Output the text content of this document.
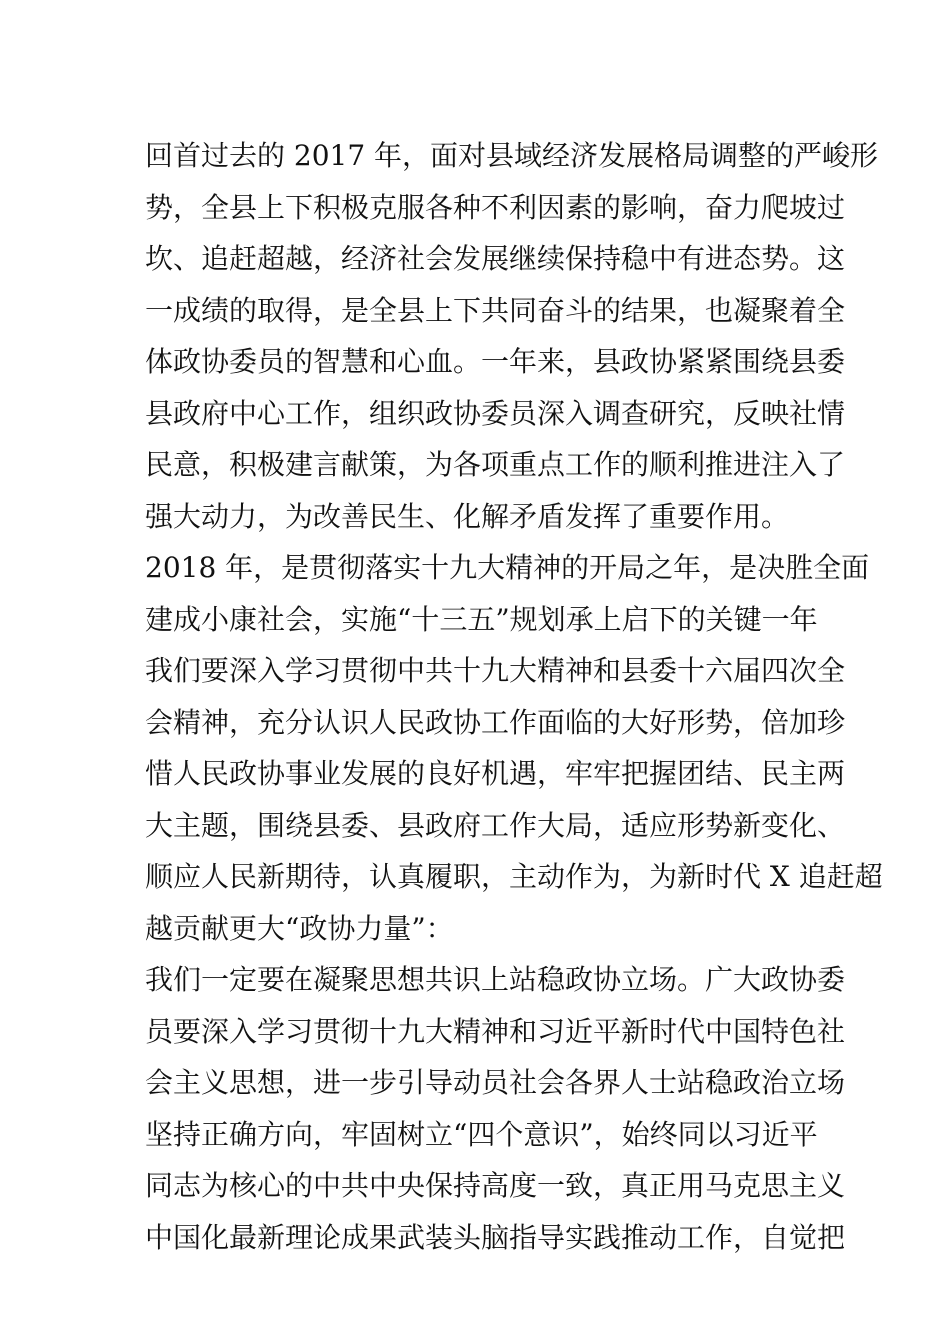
回首过去的 2017 年，面对县域经济发展格局调整的严峻形
势，全县上下积极克服各种不利因素的影响，奋力爬坡过
坎、追赶超越，经济社会发展继续保持稳中有进态势。这
一成绩的取得，是全县上下共同奋斗的结果，也凝聚着全
体政协委员的智慧和心血。一年来，县政协紧紧围绕县委
县政府中心工作，组织政协委员深入调查研究，反映社情
民意，积极建言献策，为各项重点工作的顺利推进注入了
强大动力，为改善民生、化解矛盾发挥了重要作用。
2018 年，是贯彻落实十九大精神的开局之年，是决胜全面
建成小康社会，实施“十三五”规划承上启下的关键一年
我们要深入学习贯彻中共十九大精神和县委十六届四次全
会精神，充分认识人民政协工作面临的大好形势，倍加珍
惜人民政协事业发展的良好机遇，牢牢把握团结、民主两
大主题，围绕县委、县政府工作大局，适应形势新变化、
顺应人民新期待，认真履职，主动作为，为新时代 X 追赶超
越贡献更大“政协力量”：
我们一定要在凝聚思想共识上站稳政协立场。广大政协委
员要深入学习贯彻十九大精神和习近平新时代中国特色社
会主义思想，进一步引导动员社会各界人士站稳政治立场
坚持正确方向，牢固树立“四个意识”，始终同以习近平
同志为核心的中共中央保持高度一致，真正用马克思主义
中国化最新理论成果武装头脑指导实践推动工作，自觉把
